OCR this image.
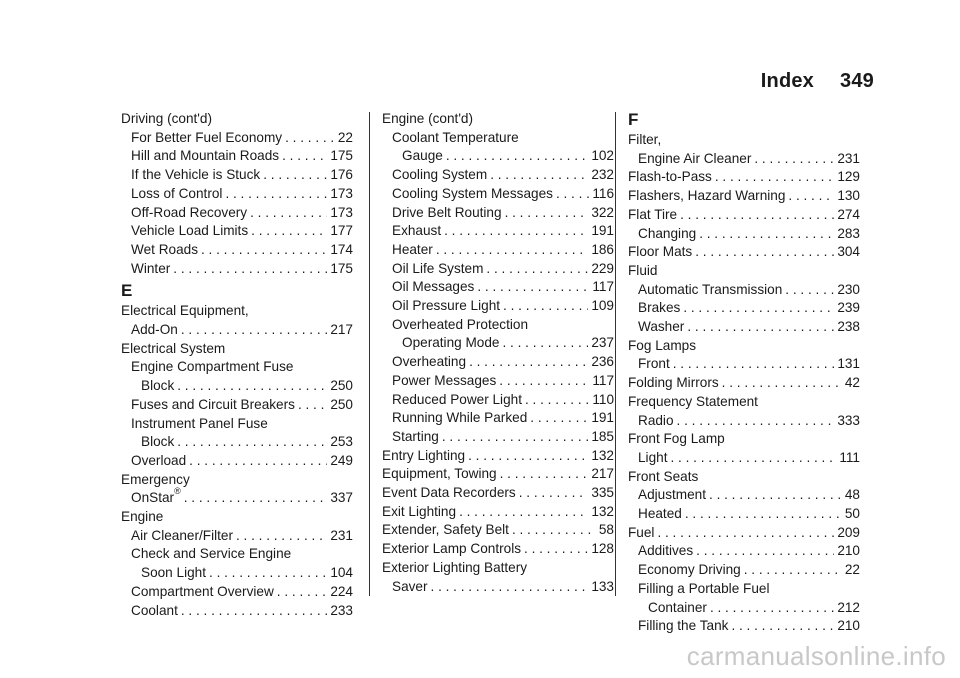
Index 349
Driving (cont'd)
For Better Fuel Economy . . .	22
Hill and Mountain Roads . . .	175
If the Vehicle is Stuck . . .	176
Loss of Control . . .	173
Off-Road Recovery . . .	173
Vehicle Load Limits . . .	177
Wet Roads . . .	174
Winter . . .	175
E
Electrical Equipment,
Add-On . . .	217
Electrical System
Engine Compartment Fuse
Block . . .	250
Fuses and Circuit Breakers . . .	250
Instrument Panel Fuse
Block . . .	253
Overload . . .	249
Emergency
OnStar® . . .	337
Engine
Air Cleaner/Filter . . .	231
Check and Service Engine
Soon Light . . .	104
Compartment Overview . . .	224
Coolant . . .	233
Engine (cont'd)
Coolant Temperature
Gauge . . .	102
Cooling System . . .	232
Cooling System Messages . . .	116
Drive Belt Routing . . .	322
Exhaust . . .	191
Heater . . .	186
Oil Life System . . .	229
Oil Messages . . .	117
Oil Pressure Light . . .	109
Overheated Protection
Operating Mode . . .	237
Overheating . . .	236
Power Messages . . .	117
Reduced Power Light . . .	110
Running While Parked . . .	191
Starting . . .	185
Entry Lighting . . .	132
Equipment, Towing . . .	217
Event Data Recorders . . .	335
Exit Lighting . . .	132
Extender, Safety Belt . . .	58
Exterior Lamp Controls . . .	128
Exterior Lighting Battery
Saver . . .	133
F
Filter,
Engine Air Cleaner . . .	231
Flash-to-Pass . . .	129
Flashers, Hazard Warning . . .	130
Flat Tire . . .	274
Changing . . .	283
Floor Mats . . .	304
Fluid
Automatic Transmission . . .	230
Brakes . . .	239
Washer . . .	238
Fog Lamps
Front . . .	131
Folding Mirrors . . .	42
Frequency Statement
Radio . . .	333
Front Fog Lamp
Light . . .	111
Front Seats
Adjustment . . .	48
Heated . . .	50
Fuel . . .	209
Additives . . .	210
Economy Driving . . .	22
Filling a Portable Fuel
Container . . .	212
Filling the Tank . . .	210
carmanualsonline.info
